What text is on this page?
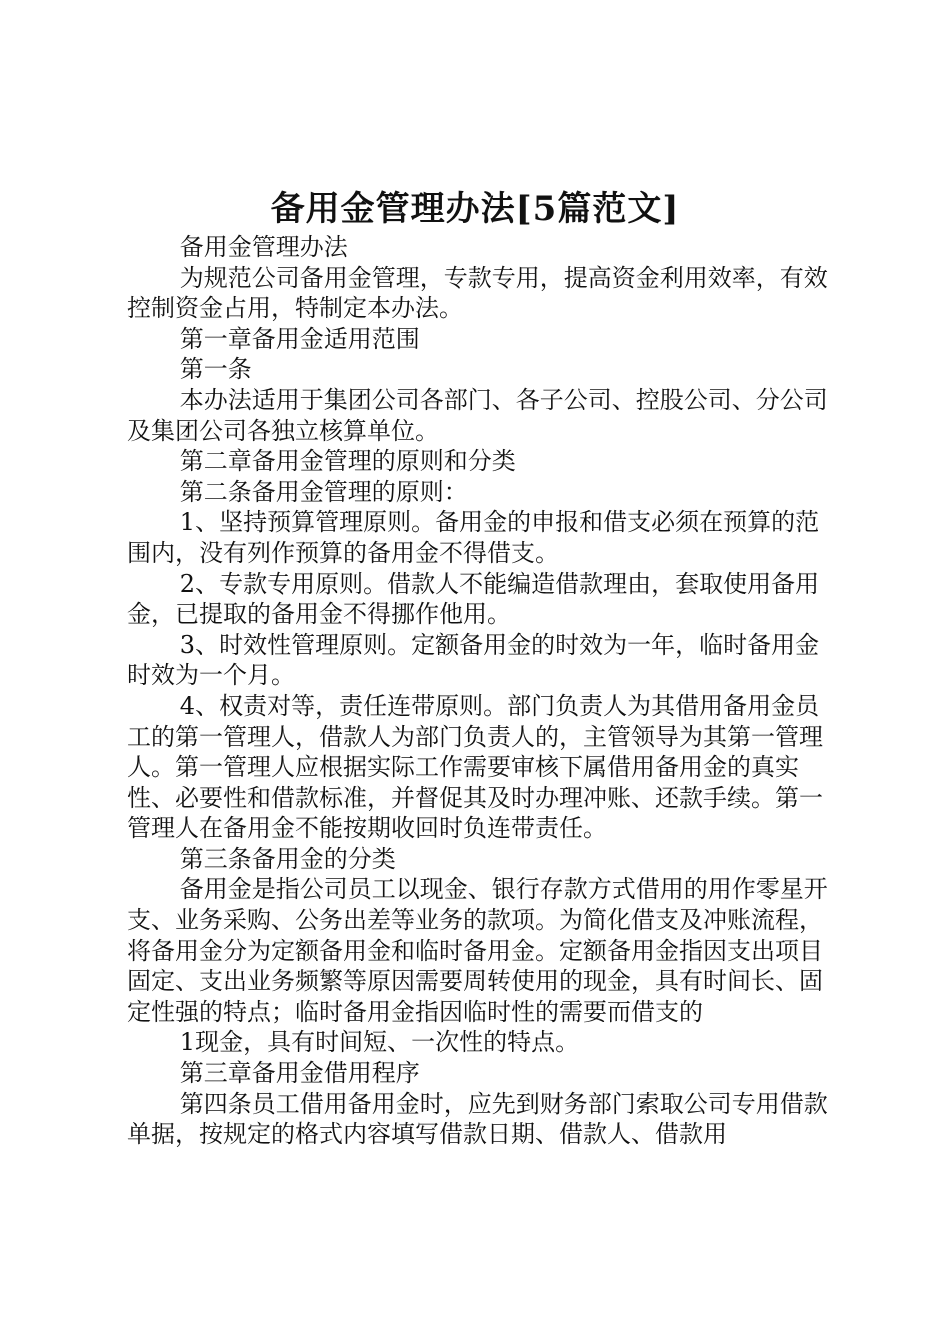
备用金管理办法[5篇范文]

备用金管理办法

为规范公司备用金管理，专款专用，提高资金利用效率，有效控制资金占用，特制定本办法。

第一章备用金适用范围

第一条

本办法适用于集团公司各部门、各子公司、控股公司、分公司及集团公司各独立核算单位。

第二章备用金管理的原则和分类

第二条备用金管理的原则：

1、坚持预算管理原则。备用金的申报和借支必须在预算的范围内，没有列作预算的备用金不得借支。

2、专款专用原则。借款人不能编造借款理由，套取使用备用金，已提取的备用金不得挪作他用。

3、时效性管理原则。定额备用金的时效为一年，临时备用金时效为一个月。

4、权责对等，责任连带原则。部门负责人为其借用备用金员工的第一管理人，借款人为部门负责人的，主管领导为其第一管理人。第一管理人应根据实际工作需要审核下属借用备用金的真实性、必要性和借款标准，并督促其及时办理冲账、还款手续。第一管理人在备用金不能按期收回时负连带责任。

第三条备用金的分类

备用金是指公司员工以现金、银行存款方式借用的用作零星开支、业务采购、公务出差等业务的款项。为简化借支及冲账流程，将备用金分为定额备用金和临时备用金。定额备用金指因支出项目固定、支出业务频繁等原因需要周转使用的现金，具有时间长、固定性强的特点；临时备用金指因临时性的需要而借支的

1现金，具有时间短、一次性的特点。

第三章备用金借用程序

第四条员工借用备用金时，应先到财务部门索取公司专用借款单据，按规定的格式内容填写借款日期、借款人、借款用
